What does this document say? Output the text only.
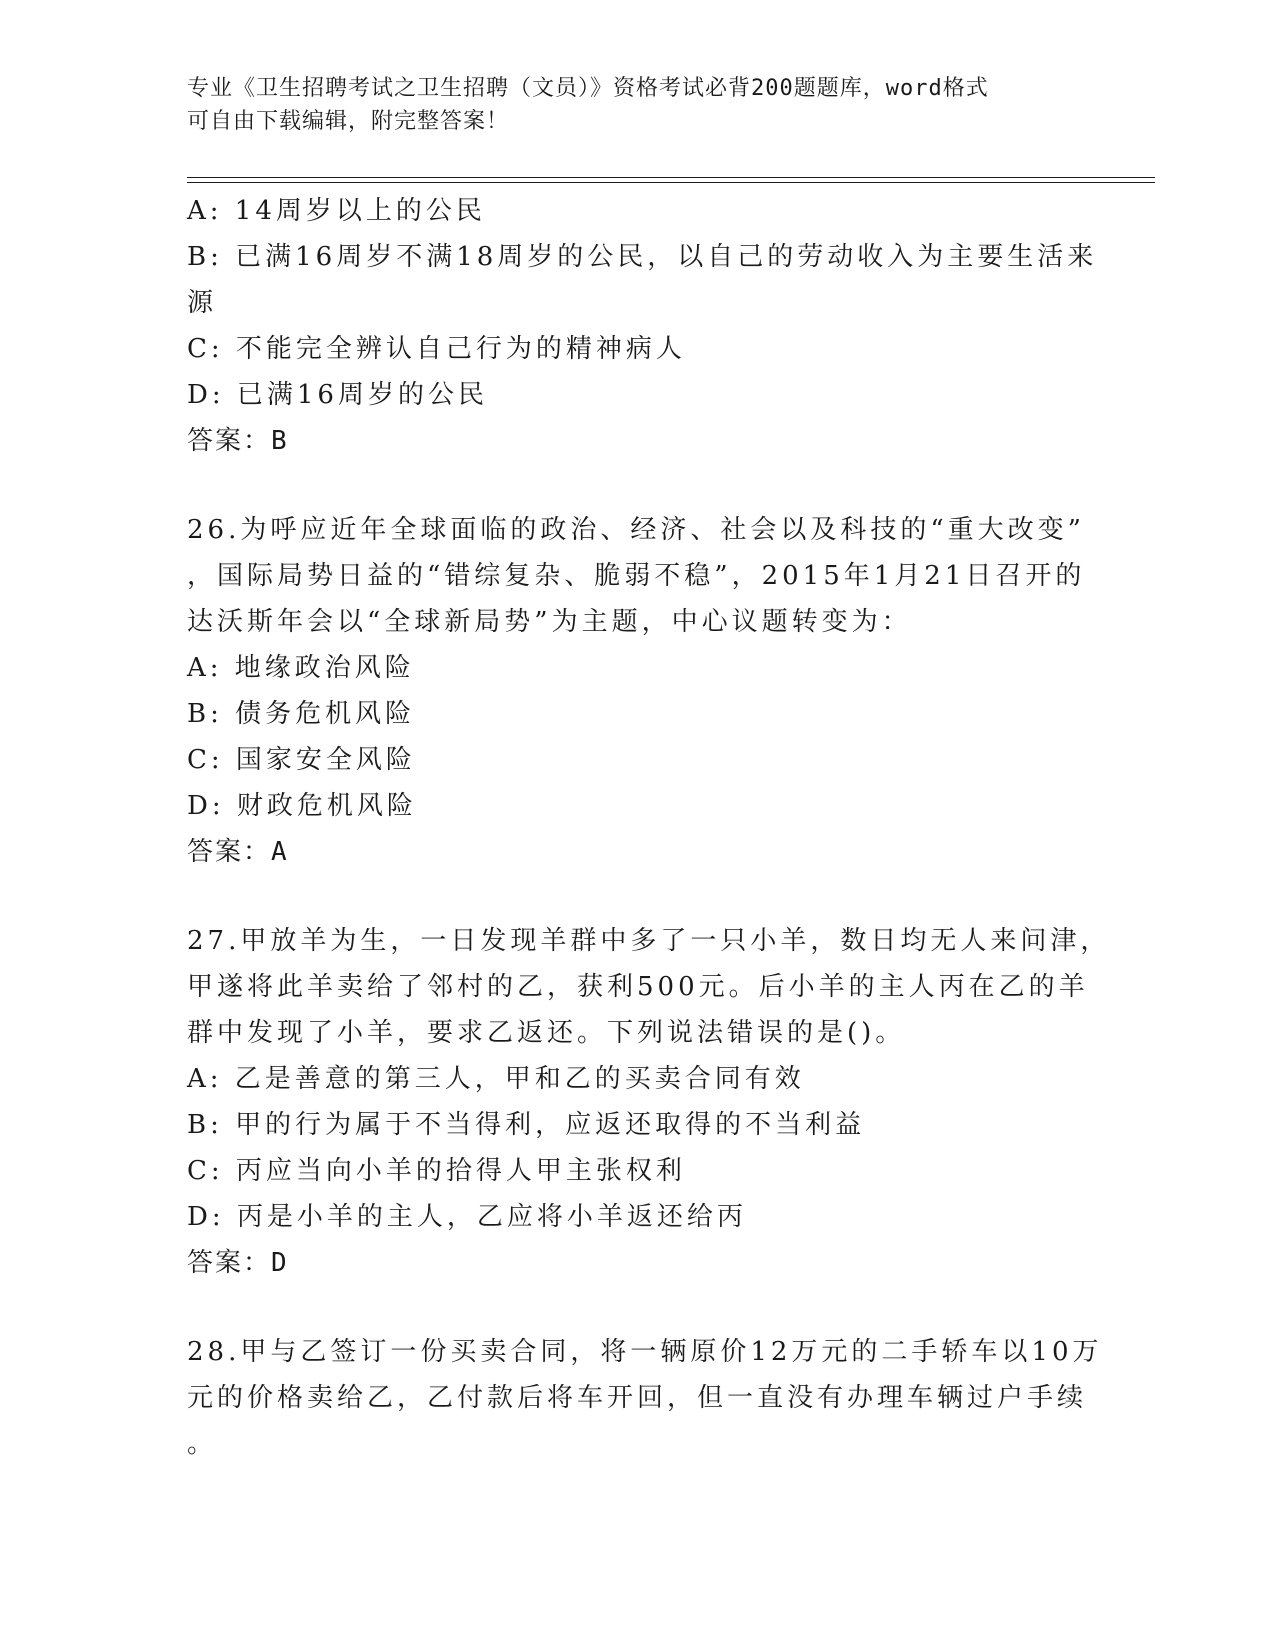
专业《卫生招聘考试之卫生招聘（文员）》资格考试必背200题题库，word格式
可自由下载编辑，附完整答案！
A: 14周岁以上的公民
B: 已满16周岁不满18周岁的公民，以自己的劳动收入为主要生活来
源
C: 不能完全辨认自己行为的精神病人
D: 已满16周岁的公民
答案：B
26.为呼应近年全球面临的政治、经济、社会以及科技的“重大改变”
，国际局势日益的“错综复杂、脆弱不稳”，2015年1月21日召开的
达沃斯年会以“全球新局势”为主题，中心议题转变为：
A: 地缘政治风险
B: 债务危机风险
C: 国家安全风险
D: 财政危机风险
答案：A
27.甲放羊为生，一日发现羊群中多了一只小羊，数日均无人来问津，
甲遂将此羊卖给了邻村的乙，获利500元。后小羊的主人丙在乙的羊
群中发现了小羊，要求乙返还。下列说法错误的是()。
A: 乙是善意的第三人，甲和乙的买卖合同有效
B: 甲的行为属于不当得利，应返还取得的不当利益
C: 丙应当向小羊的拾得人甲主张权利
D: 丙是小羊的主人，乙应将小羊返还给丙
答案：D
28.甲与乙签订一份买卖合同，将一辆原价12万元的二手轿车以10万
元的价格卖给乙，乙付款后将车开回，但一直没有办理车辆过户手续
。
